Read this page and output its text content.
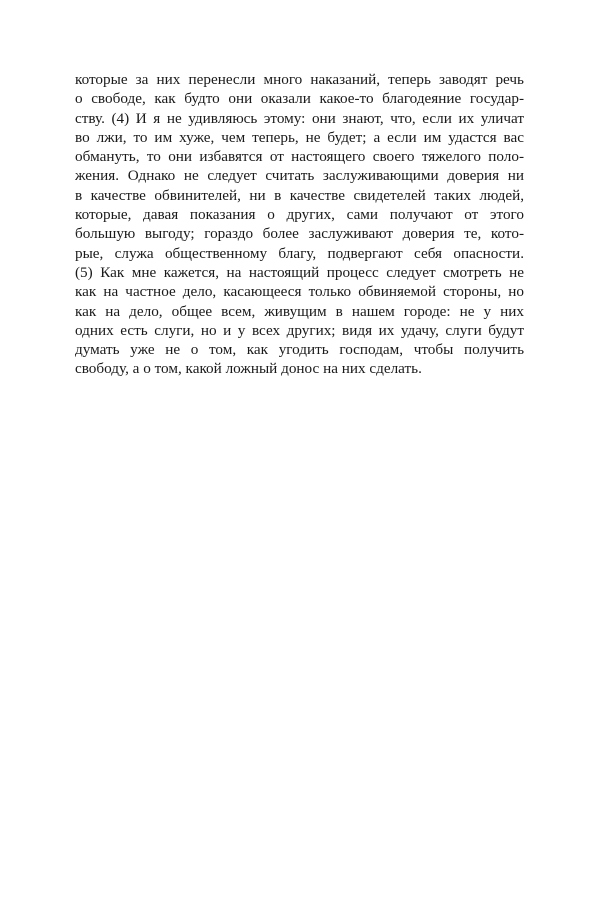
которые за них перенесли много наказаний, теперь заводят речь
о свободе, как будто они оказали какое-то благодеяние государ-
ству. (4) И я не удивляюсь этому: они знают, что, если их уличат
во лжи, то им хуже, чем теперь, не будет; а если им удастся вас
обмануть, то они избавятся от настоящего своего тяжелого поло-
жения. Однако не следует считать заслуживающими доверия ни
в качестве обвинителей, ни в качестве свидетелей таких людей,
которые, давая показания о других, сами получают от этого
большую выгоду; гораздо более заслуживают доверия те, кото-
рые, служа общественному благу, подвергают себя опасности.
(5) Как мне кажется, на настоящий процесс следует смотреть не
как на частное дело, касающееся только обвиняемой стороны, но
как на дело, общее всем, живущим в нашем городе: не у них
одних есть слуги, но и у всех других; видя их удачу, слуги будут
думать уже не о том, как угодить господам, чтобы получить
свободу, а о том, какой ложный донос на них сделать.
